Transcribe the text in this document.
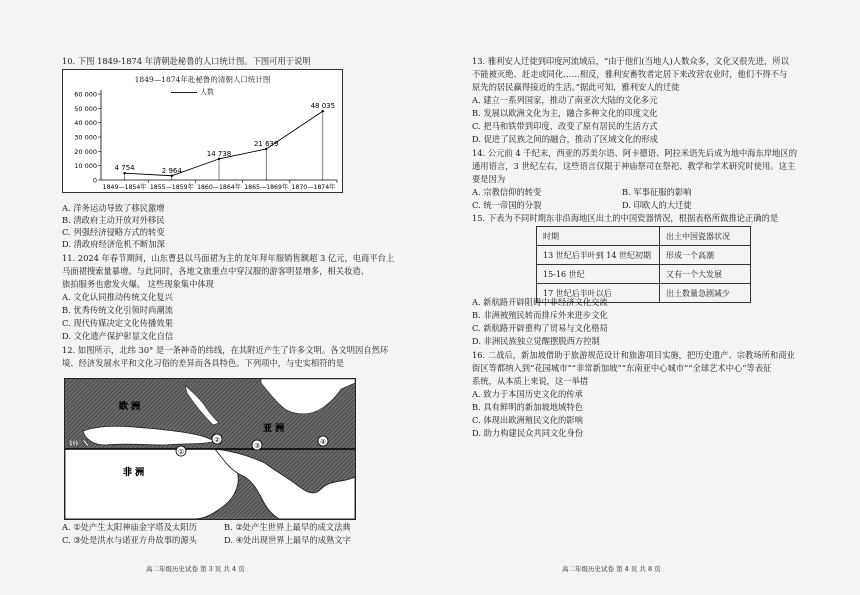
10. 下图 1849-1874 年清朝赴秘鲁的人口统计图。下图可用于说明
1849—1874年赴秘鲁的清朝人口统计图
人数
0
10 000
20 000
30 000
40 000
50 000
60 000
1849—1854年 1855—1859年 1860—1864年 1865—1869年 1870—1874年
4 754	2 964
14 738
21 639
48 035
A. 洋务运动导致了移民激增
B. 清政府主动开放对外移民
C. 列强经济侵略方式的转变
D. 清政府经济危机不断加深
11. 2024 年春节期间，山东曹县以马面裙为主的龙年拜年服销售额超 3 亿元，电商平台上
马面裙搜索量暴增。与此同时，各地文旅重点中穿汉服的游客明显增多，相关妆造、
旅拍服务也愈发火爆。 这些现象集中体现
A. 文化认同推动传统文化复兴
B. 优秀传统文化引领时尚潮流
C. 现代传媒决定文化传播效果
D. 文化遗产保护彰显文化自信
12. 如图所示，北纬 30° 是一条神奇的纬线，在其附近产生了许多文明。各文明因自然环
境、经济发展水平和文化习俗的差异而各具特色。下列项中，与史实相符的是
①
②
③	④
30°N
欧 洲
亚 洲
非 洲
A. ①处产生太阳神庙金字塔及太阳历	B. ②处产生世界上最早的成文法典
C. ③处是洪水与诺亚方舟故事的源头	D. ④处出现世界上最早的成熟文字
高二年级历史试卷 第 3 页 共 4 页
13. 雅利安人迁徙到印度河流域后，“由于他们(当地人)人数众多，文化又很先进，所以
不能被灭绝、赶走或同化……相反，雅利安畜牧者定居下来改营农业时，他们不得不与
原先的居民赢得接近的生活。”据此可知，雅利安人的迁徙
A. 建立一系列国家，推动了南亚次大陆的文化多元
B. 发展以欧洲文化为主，融合多种文化的印度文化
C. 把马和铁带到印度，改变了原有居民的生活方式
D. 促进了民族之间的融合，推动了区域文化的形成
14. 公元前 4 千纪末，西亚的苏美尔语、阿卡德语、阿拉米语先后成为地中海东岸地区的
通用语言，3 世纪左右，这些语言仅限于神庙祭司在祭祀、教学和学术研究时使用。这主
要是因为
A. 宗教信仰的转变	B. 军事征服的影响
C. 统一帝国的分裂	D. 印欧人的大迁徙
15. 下表为不同时期东非沿海地区出土的中国瓷器情况，根据表格所做推论正确的是
时期	出土中国瓷器状况
13 世纪后半叶到 14 世纪初期	形成一个高潮
15-16 世纪	又有一个大发展
17 世纪后半叶以后	出土数量急剧减少
A. 新航路开辟阻碍中非经济文化交流
B. 非洲被殖民转而排斥外来进步文化
C. 新航路开辟重构了贸易与文化格局
D. 非洲民族独立觉醒摆脱西方控制
16. 二战后，新加坡借助于旅游规范设计和旅游项目实施，把历史遗产、宗教场所和商业
街区等都纳入到“花园城市”“非常新加坡”“东南亚中心城市”“全球艺术中心”等表征
系统，从本质上来说，这一举措
A. 致力于本国历史文化的传承
B. 具有鲜明的新加坡地域特色
C. 体现出欧洲殖民文化的影响
D. 助力构建民众共同文化身份
高二年级历史试卷 第 4 页 共 8 页
